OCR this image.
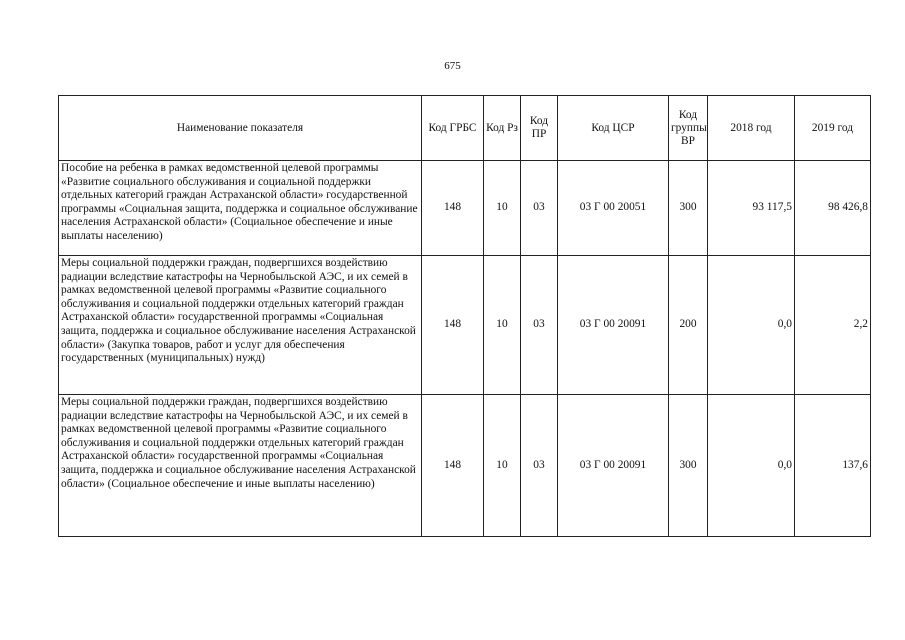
675
Наименование показателя	Код ГРБС	Код Рз	Код ПР	Код ЦСР	Код группы ВР	2018 год	2019 год
Пособие на ребенка в рамках ведомственной целевой программы «Развитие социального обслуживания и социальной поддержки отдельных категорий граждан Астраханской области» государственной программы «Социальная защита, поддержка и социальное обслуживание населения Астраханской области» (Социальное обеспечение и иные выплаты населению)	148	10	03	03 Г 00 20051	300	93 117,5	98 426,8
Меры социальной поддержки граждан, подвергшихся воздействию радиации вследствие катастрофы на Чернобыльской АЭС, и их семей в рамках ведомственной целевой программы «Развитие социального обслуживания и социальной поддержки отдельных категорий граждан Астраханской области» государственной программы «Социальная защита, поддержка и социальное обслуживание населения Астраханской области» (Закупка товаров, работ и услуг для обеспечения государственных (муниципальных) нужд)	148	10	03	03 Г 00 20091	200	0,0	2,2
Меры социальной поддержки граждан, подвергшихся воздействию радиации вследствие катастрофы на Чернобыльской АЭС, и их семей в рамках ведомственной целевой программы «Развитие социального обслуживания и социальной поддержки отдельных категорий граждан Астраханской области» государственной программы «Социальная защита, поддержка и социальное обслуживание населения Астраханской области» (Социальное обеспечение и иные выплаты населению)	148	10	03	03 Г 00 20091	300	0,0	137,6
